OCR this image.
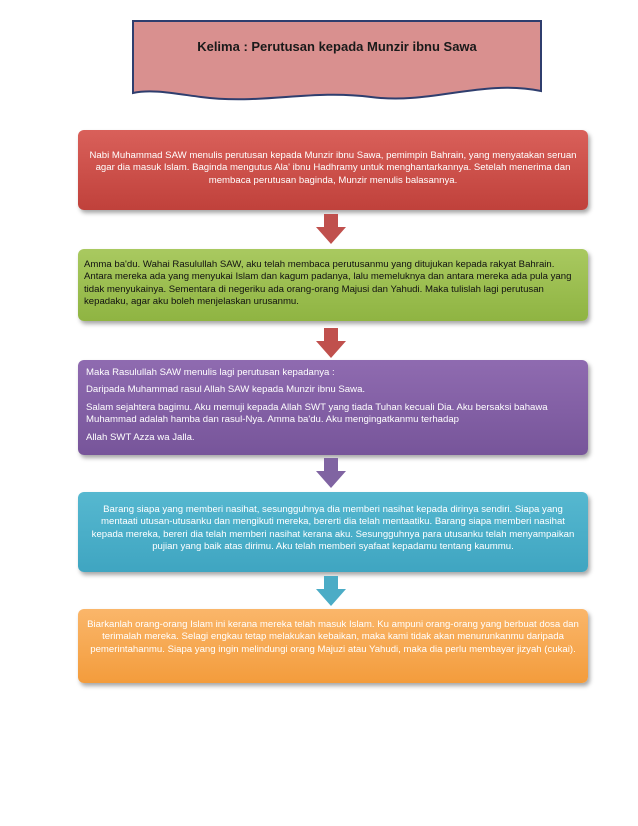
Kelima : Perutusan kepada Munzir ibnu Sawa
Nabi Muhammad SAW menulis perutusan kepada Munzir ibnu Sawa, pemimpin Bahrain, yang menyatakan seruan agar dia masuk Islam. Baginda mengutus Ala' ibnu Hadhramy untuk menghantarkannya. Setelah menerima dan membaca perutusan baginda, Munzir menulis balasannya.
Amma ba'du. Wahai Rasulullah SAW, aku telah membaca perutusanmu yang ditujukan kepada rakyat Bahrain. Antara mereka ada yang menyukai Islam dan kagum padanya, lalu memeluknya dan antara mereka ada pula yang tidak menyukainya. Sementara di negeriku ada orang-orang Majusi dan Yahudi. Maka tulislah lagi perutusan kepadaku, agar aku boleh menjelaskan urusanmu.

Maka Rasulullah SAW menulis lagi perutusan kepadanya :

Daripada Muhammad rasul Allah SAW kepada Munzir ibnu Sawa.

Salam sejahtera bagimu. Aku memuji kepada Allah SWT yang tiada Tuhan kecuali Dia. Aku bersaksi bahawa Muhammad adalah hamba dan rasul-Nya. Amma ba'du. Aku mengingatkanmu terhadap

Allah SWT Azza wa Jalla.

Barang siapa yang memberi nasihat, sesungguhnya dia memberi nasihat kepada dirinya sendiri. Siapa yang mentaati utusan-utusanku dan mengikuti mereka, bererti dia telah mentaatiku. Barang siapa memberi nasihat kepada mereka, bereri dia telah memberi nasihat kerana aku. Sesungguhnya para utusanku telah menyampaikan pujian yang baik atas dirimu. Aku telah memberi syafaat kepadamu tentang kaummu.
Biarkanlah orang-orang Islam ini kerana mereka telah masuk Islam. Ku ampuni orang-orang yang berbuat dosa dan terimalah mereka. Selagi engkau tetap melakukan kebaikan, maka kami tidak akan menurunkanmu daripada pemerintahanmu. Siapa yang ingin melindungi orang Majuzi atau Yahudi, maka dia perlu membayar jizyah (cukai).
